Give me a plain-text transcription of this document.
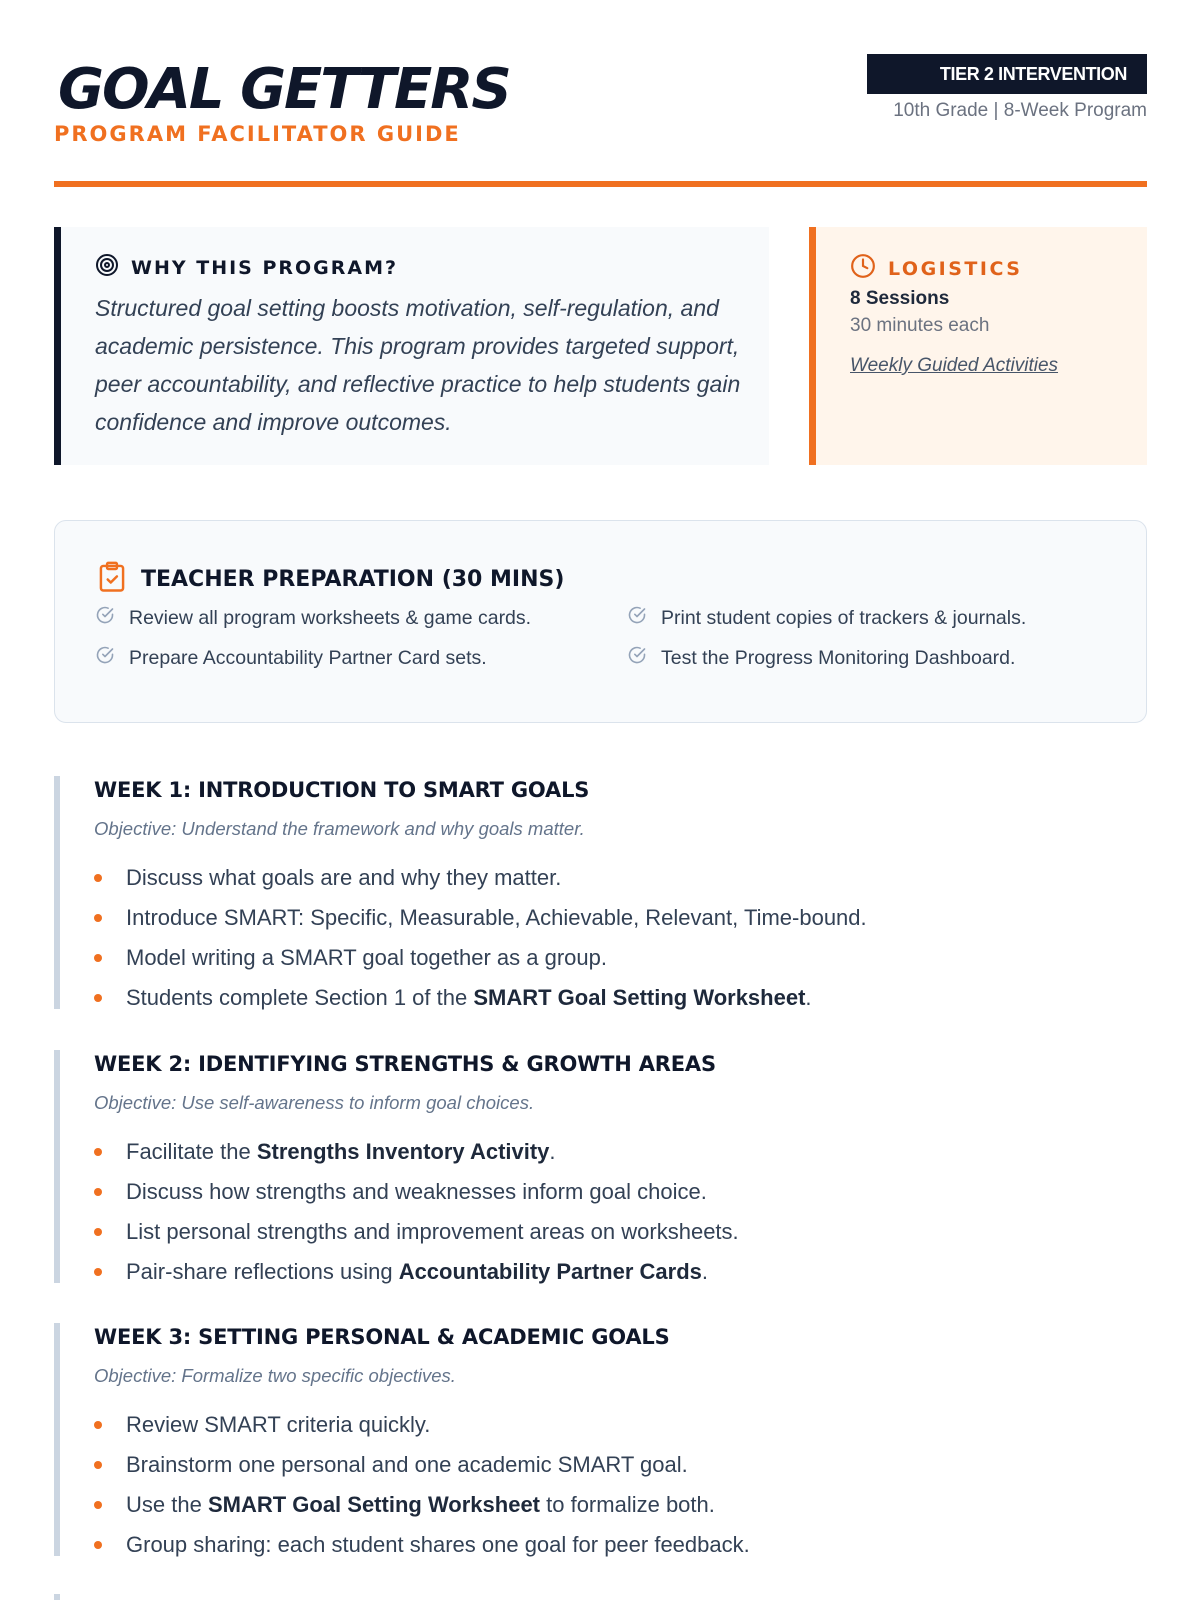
GOAL GETTERS
PROGRAM FACILITATOR GUIDE
TIER 2 INTERVENTION
10th Grade | 8-Week Program
WHY THIS PROGRAM?

Structured goal setting boosts motivation, self-regulation, and academic persistence. This program provides targeted support, peer accountability, and reflective practice to help students gain confidence and improve outcomes.

LOGISTICS
8 Sessions
30 minutes each
Weekly Guided Activities
TEACHER PREPARATION (30 MINS)
Review all program worksheets & game cards.	Print student copies of trackers & journals.
Prepare Accountability Partner Card sets.	Test the Progress Monitoring Dashboard.
WEEK 1: INTRODUCTION TO SMART GOALS
Objective: Understand the framework and why goals matter.
Discuss what goals are and why they matter.
Introduce SMART: Specific, Measurable, Achievable, Relevant, Time-bound.
Model writing a SMART goal together as a group.
Students complete Section 1 of the SMART Goal Setting Worksheet.
WEEK 2: IDENTIFYING STRENGTHS & GROWTH AREAS
Objective: Use self-awareness to inform goal choices.
Facilitate the Strengths Inventory Activity.
Discuss how strengths and weaknesses inform goal choice.
List personal strengths and improvement areas on worksheets.
Pair-share reflections using Accountability Partner Cards.
WEEK 3: SETTING PERSONAL & ACADEMIC GOALS
Objective: Formalize two specific objectives.
Review SMART criteria quickly.
Brainstorm one personal and one academic SMART goal.
Use the SMART Goal Setting Worksheet to formalize both.
Group sharing: each student shares one goal for peer feedback.
